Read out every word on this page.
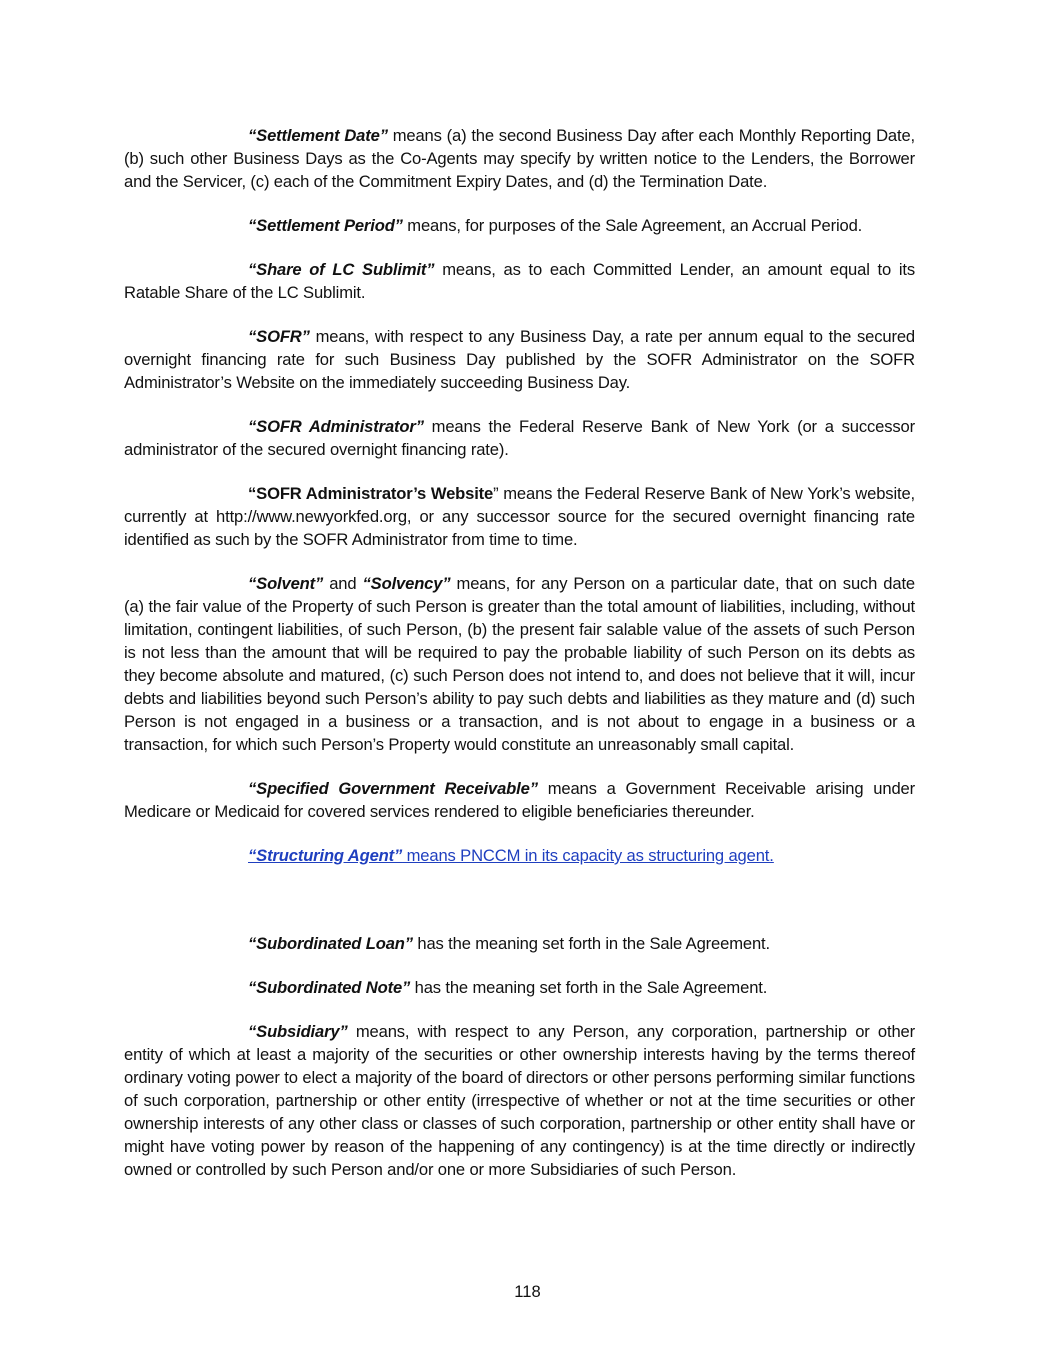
“Settlement Date” means (a) the second Business Day after each Monthly Reporting Date, (b) such other Business Days as the Co-Agents may specify by written notice to the Lenders, the Borrower and the Servicer, (c) each of the Commitment Expiry Dates, and (d) the Termination Date.

“Settlement Period” means, for purposes of the Sale Agreement, an Accrual Period.

“Share of LC Sublimit” means, as to each Committed Lender, an amount equal to its Ratable Share of the LC Sublimit.

“SOFR” means, with respect to any Business Day, a rate per annum equal to the secured overnight financing rate for such Business Day published by the SOFR Administrator on the SOFR Administrator’s Website on the immediately succeeding Business Day.

“SOFR Administrator” means the Federal Reserve Bank of New York (or a successor administrator of the secured overnight financing rate).

“SOFR Administrator’s Website” means the Federal Reserve Bank of New York’s website, currently at http://www.newyorkfed.org, or any successor source for the secured overnight financing rate identified as such by the SOFR Administrator from time to time.

“Solvent” and “Solvency” means, for any Person on a particular date, that on such date (a) the fair value of the Property of such Person is greater than the total amount of liabilities, including, without limitation, contingent liabilities, of such Person, (b) the present fair salable value of the assets of such Person is not less than the amount that will be required to pay the probable liability of such Person on its debts as they become absolute and matured, (c) such Person does not intend to, and does not believe that it will, incur debts and liabilities beyond such Person’s ability to pay such debts and liabilities as they mature and (d) such Person is not engaged in a business or a transaction, and is not about to engage in a business or a transaction, for which such Person’s Property would constitute an unreasonably small capital.

“Specified Government Receivable” means a Government Receivable arising under Medicare or Medicaid for covered services rendered to eligible beneficiaries thereunder.

“Structuring Agent” means PNCCM in its capacity as structuring agent.

“Subordinated Loan” has the meaning set forth in the Sale Agreement.

“Subordinated Note” has the meaning set forth in the Sale Agreement.

“Subsidiary” means, with respect to any Person, any corporation, partnership or other entity of which at least a majority of the securities or other ownership interests having by the terms thereof ordinary voting power to elect a majority of the board of directors or other persons performing similar functions of such corporation, partnership or other entity (irrespective of whether or not at the time securities or other ownership interests of any other class or classes of such corporation, partnership or other entity shall have or might have voting power by reason of the happening of any contingency) is at the time directly or indirectly owned or controlled by such Person and/or one or more Subsidiaries of such Person.

118
